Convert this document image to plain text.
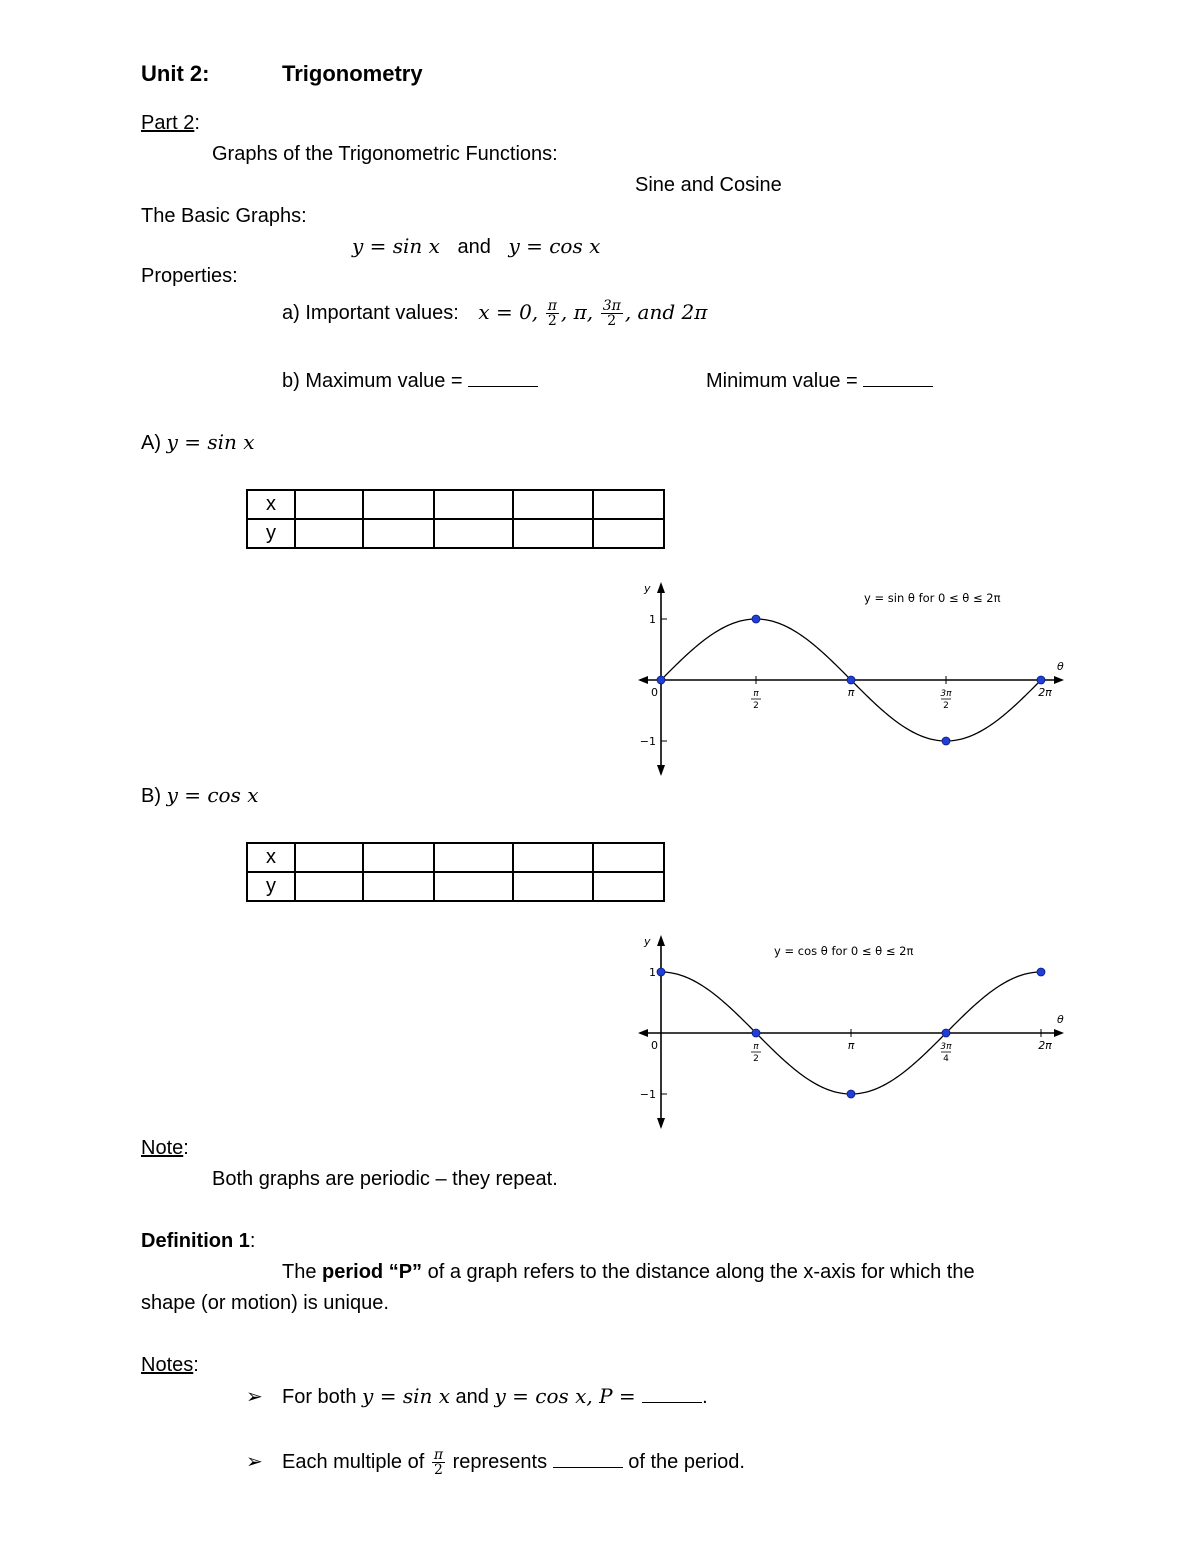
Unit 2:	Trigonometry
Part 2:
Graphs of the Trigonometric Functions:
Sine and Cosine
The Basic Graphs:
y = sin x and y = cos x
Properties:
a) Important values: x = 0, $\frac{\pi}{2}$ , π, $\frac{3\pi}{2}$ , and 2π
b) Maximum value =	Minimum value =
A) y = sin x
x					
y					
y
θ
y = sin θ for 0 ≤ θ ≤ 2π
1
−1
0	π
2
π	3π
2
2π
B) y = cos x
x					
y					
y
θ
y = cos θ for 0 ≤ θ ≤ 2π
1
−1
0	π
2
π	3π
4
2π
Note:
Both graphs are periodic – they repeat.
Definition 1:
The period “P” of a graph refers to the distance along the x-axis for which the
shape (or motion) is unique.
Notes:
➢ For both y = sin x and y = cos x, P =	.
➢ Each multiple of $\frac{\pi}{2}$ represents	of the period.
